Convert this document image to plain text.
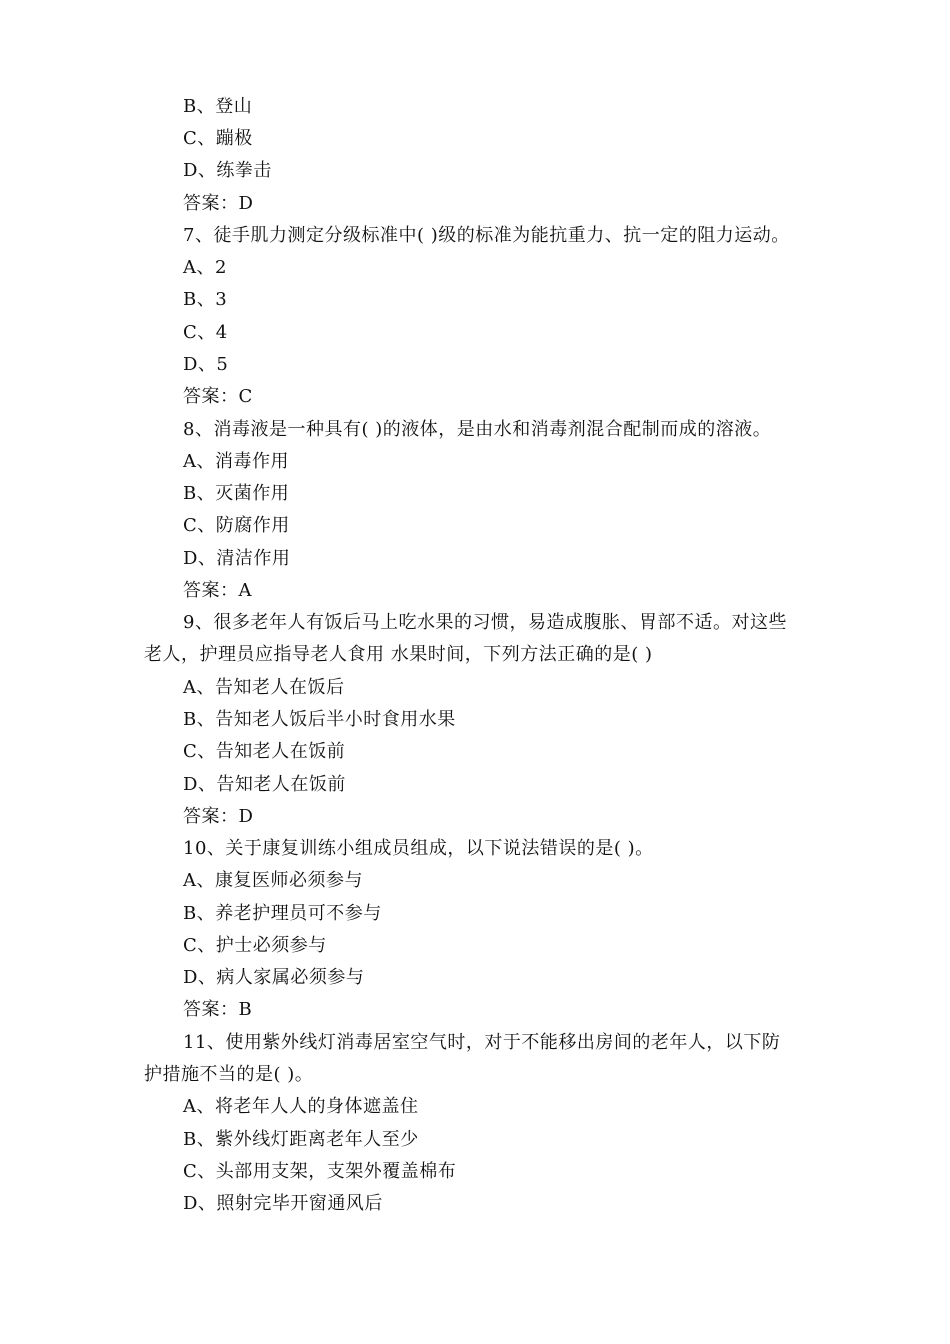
B、登山
C、蹦极
D、练拳击
答案：D
7、徒手肌力测定分级标准中( )级的标准为能抗重力、抗一定的阻力运动。
A、2
B、3
C、4
D、5
答案：C
8、消毒液是一种具有( )的液体，是由水和消毒剂混合配制而成的溶液。
A、消毒作用
B、灭菌作用
C、防腐作用
D、清洁作用
答案：A
9、很多老年人有饭后马上吃水果的习惯，易造成腹胀、胃部不适。对这些
老人，护理员应指导老人食用 水果时间，下列方法正确的是( )
A、告知老人在饭后
B、告知老人饭后半小时食用水果
C、告知老人在饭前
D、告知老人在饭前
答案：D
10、关于康复训练小组成员组成，以下说法错误的是( )。
A、康复医师必须参与
B、养老护理员可不参与
C、护士必须参与
D、病人家属必须参与
答案：B
11、使用紫外线灯消毒居室空气时，对于不能移出房间的老年人，以下防
护措施不当的是( )。
A、将老年人人的身体遮盖住
B、紫外线灯距离老年人至少
C、头部用支架，支架外覆盖棉布
D、照射完毕开窗通风后
